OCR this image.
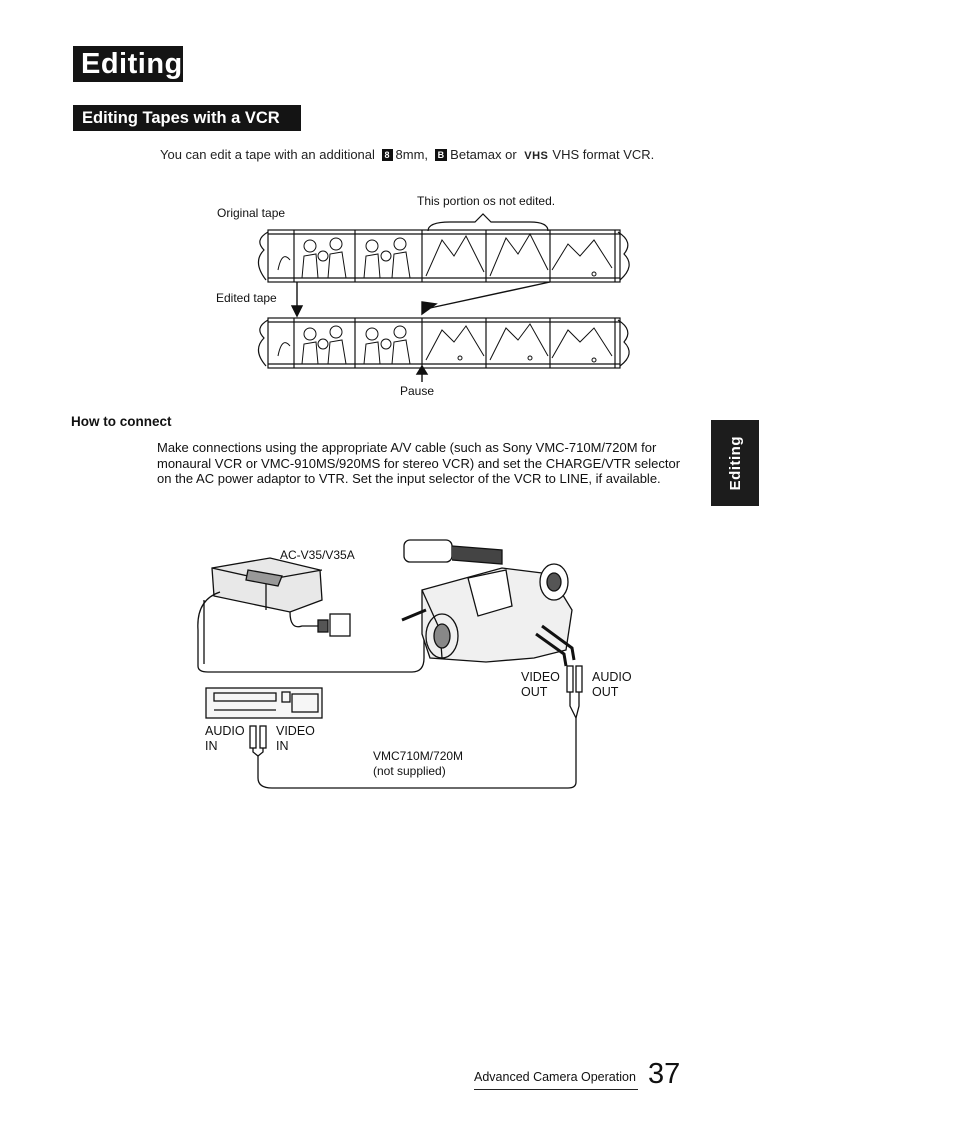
Editing
Editing Tapes with a VCR
You can edit a tape with an additional 8 8mm, B Betamax or VHS VHS format VCR.
This portion os not edited.
Original tape
Edited tape
Pause
How to connect
Make connections using the appropriate A/V cable (such as Sony VMC-710M/720M for monaural VCR or VMC-910MS/920MS for stereo VCR) and set the CHARGE/VTR selector on the AC power adaptor to VTR. Set the input selector of the VCR to LINE, if available.	Editing
AC-V35/V35A
VIDEO
OUT
AUDIO
OUT
AUDIO
IN
VIDEO
IN
VMC710M/720M
(not supplied)
Advanced Camera Operation 37
